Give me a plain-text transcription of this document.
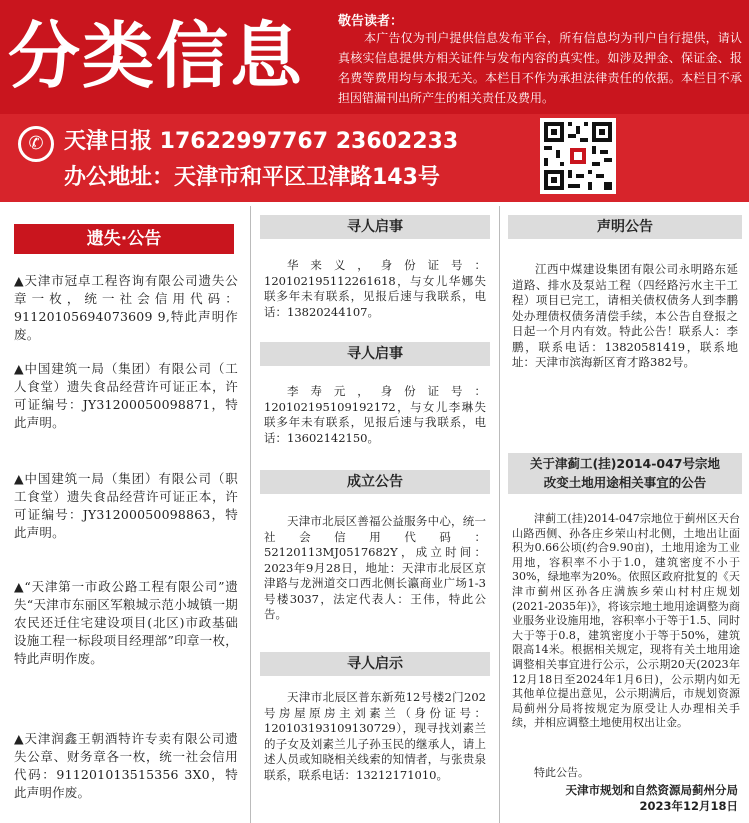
分类信息	敬告读者：
本广告仅为刊户提供信息发布平台，所有信息均为刊户自行提供，请认真核实信息提供方相关证件与发布内容的真实性。如涉及押金、保证金、报名费等费用均与本报无关。本栏目不作为承担法律责任的依据。本栏目不承担因错漏刊出所产生的相关责任及费用。
✆ 天津日报 17622997767 23602233
办公地址：天津市和平区卫津路143号
遗失·公告
▲天津市冠卓工程咨询有限公司遗失公章一枚，统一社会信用代码：91120105694073609 9,特此声明作废。
▲中国建筑一局（集团）有限公司（工人食堂）遗失食品经营许可证正本，许可证编号：JY31200050098871，特此声明。
▲中国建筑一局（集团）有限公司（职工食堂）遗失食品经营许可证正本，许可证编号：JY31200050098863，特此声明。
▲“天津第一市政公路工程有限公司”遗失“天津市东丽区军粮城示范小城镇一期农民还迁住宅建设项目(北区)市政基础设施工程一标段项目经理部”印章一枚，特此声明作废。
▲天津润鑫王朝酒特许专卖有限公司遗失公章、财务章各一枚，统一社会信用代码：911201013515356 3X0，特此声明作废。
寻人启事
华来义，身份证号：120102195112261618，与女儿华娜失联多年未有联系，见报后速与我联系，电话：13820244107。
寻人启事
李寿元，身份证号：120102195109192172，与女儿李琳失联多年未有联系，见报后速与我联系，电话：13602142150。
成立公告
天津市北辰区善福公益服务中心，统一社会信用代码：52120113MJ0517682Y，成立时间：2023年9月28日，地址：天津市北辰区京津路与龙洲道交口西北侧长瀛商业广场1-3号楼3037，法定代表人：王伟，特此公告。
寻人启示
天津市北辰区普东新苑12号楼2门202号房屋原房主刘素兰（身份证号：120103193109130729），现寻找刘素兰的子女及刘素兰儿子孙玉民的继承人，请上述人员或知晓相关线索的知情者，与张贵泉联系，联系电话：13212171010。
声明公告
江西中煤建设集团有限公司永明路东延道路、排水及泵站工程（四经路污水主干工程）项目已完工，请相关债权债务人到李鹏处办理债权债务清偿手续，本公告自登报之日起一个月内有效。特此公告！联系人：李鹏，联系电话：13820581419，联系地址：天津市滨海新区育才路382号。
关于津蓟工(挂)2014-047号宗地
改变土地用途相关事宜的公告
津蓟工(挂)2014-047宗地位于蓟州区天台山路西侧、孙各庄乡荣山村北侧，土地出让面积为0.66公顷(约合9.90亩)，土地用途为工业用地，容积率不小于1.0，建筑密度不小于30%，绿地率为20%。依照区政府批复的《天津市蓟州区孙各庄满族乡荣山村村庄规划(2021-2035年)》，将该宗地土地用途调整为商业服务业设施用地，容积率小于等于1.5、同时大于等于0.8，建筑密度小于等于50%，建筑限高14米。根据相关规定，现将有关土地用途调整相关事宜进行公示，公示期20天(2023年12月18日至2024年1月6日)，公示期内如无其他单位提出意见，公示期满后，市规划资源局蓟州分局将按规定为原受让人办理相关手续，并相应调整土地使用权出让金。
特此公告。
天津市规划和自然资源局蓟州分局
2023年12月18日
